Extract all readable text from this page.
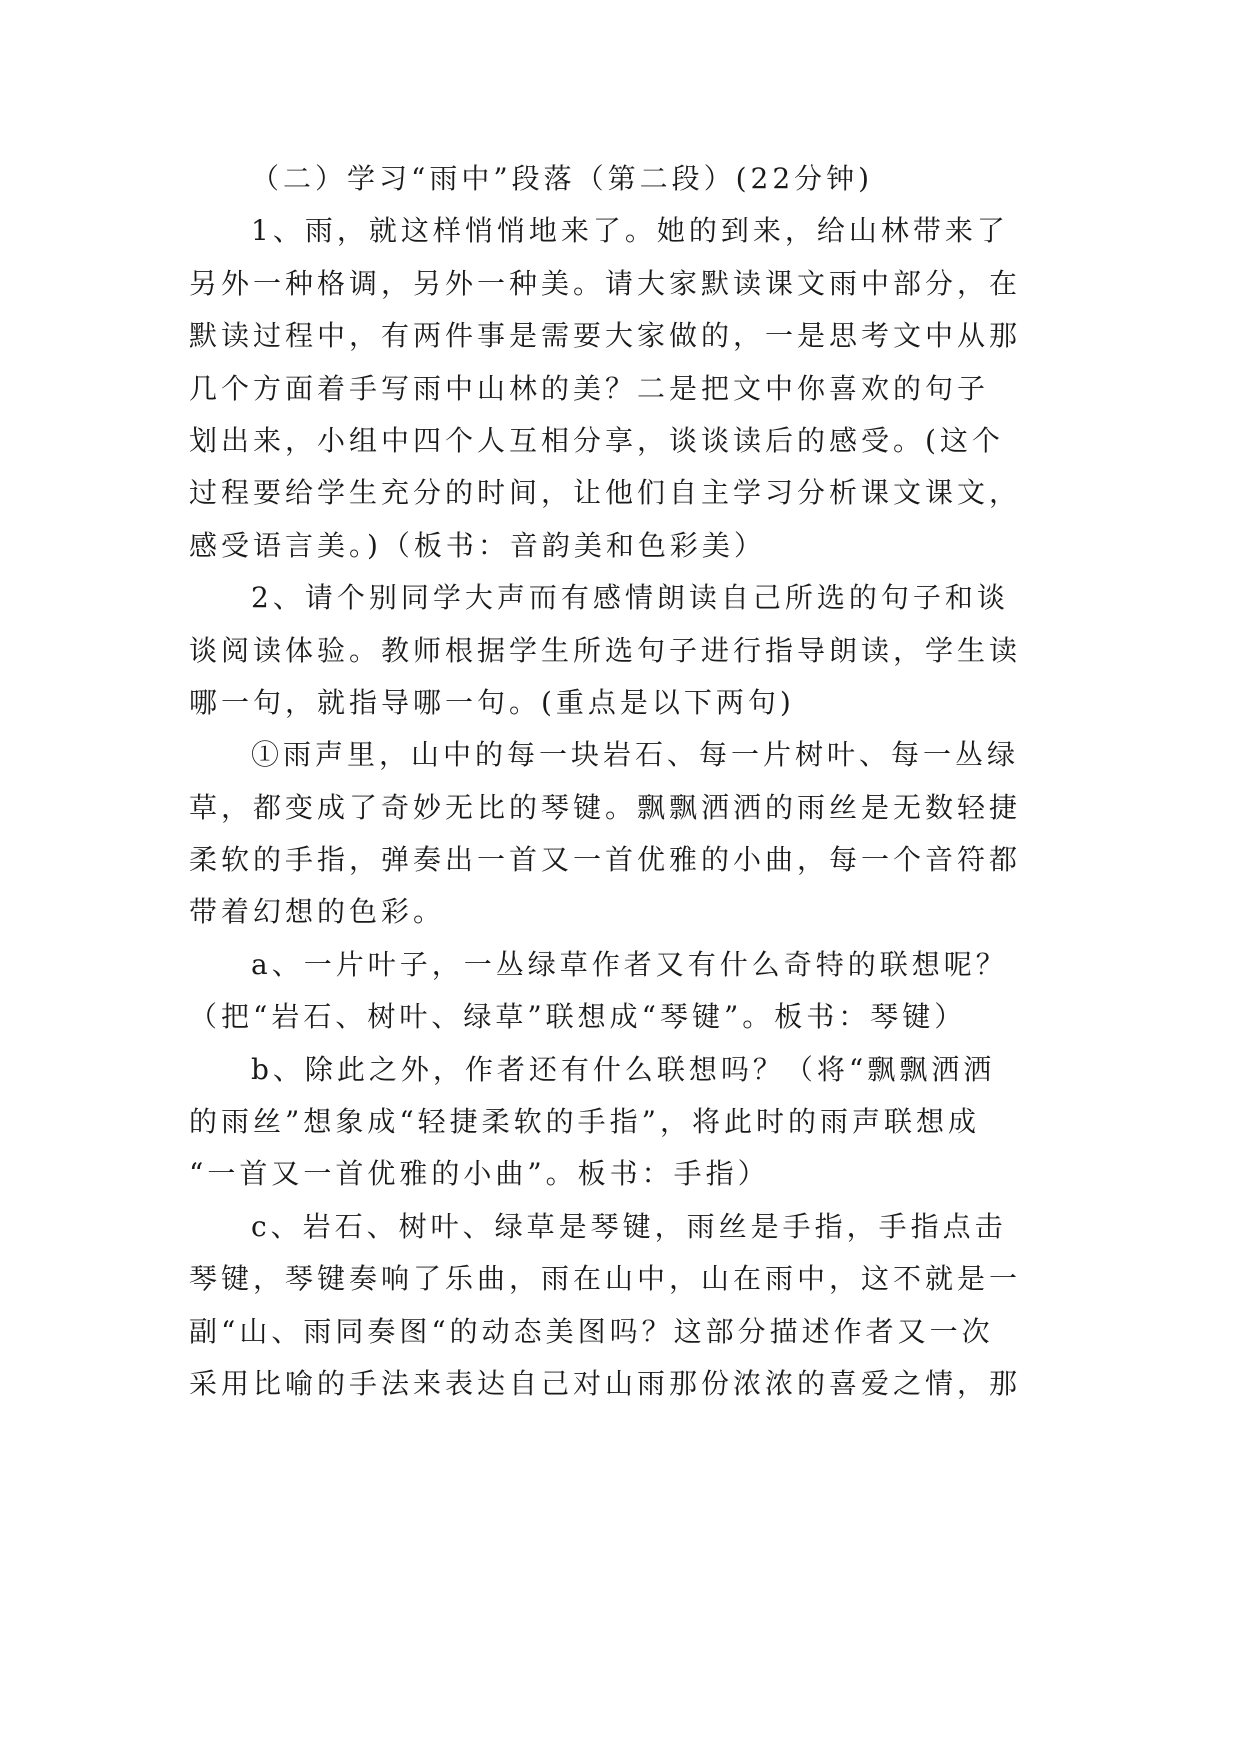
（二）学习“雨中”段落（第二段）(22分钟)
1、雨，就这样悄悄地来了。她的到来，给山林带来了
另外一种格调，另外一种美。请大家默读课文雨中部分，在
默读过程中，有两件事是需要大家做的，一是思考文中从那
几个方面着手写雨中山林的美？二是把文中你喜欢的句子
划出来，小组中四个人互相分享，谈谈读后的感受。(这个
过程要给学生充分的时间，让他们自主学习分析课文课文，
感受语言美。)（板书：音韵美和色彩美）
2、请个别同学大声而有感情朗读自己所选的句子和谈
谈阅读体验。教师根据学生所选句子进行指导朗读，学生读
哪一句，就指导哪一句。(重点是以下两句)
①雨声里，山中的每一块岩石、每一片树叶、每一丛绿
草，都变成了奇妙无比的琴键。飘飘洒洒的雨丝是无数轻捷
柔软的手指，弹奏出一首又一首优雅的小曲，每一个音符都
带着幻想的色彩。
a、一片叶子，一丛绿草作者又有什么奇特的联想呢？
（把“岩石、树叶、绿草”联想成“琴键”。板书：琴键）
b、除此之外，作者还有什么联想吗？（将“飘飘洒洒
的雨丝”想象成“轻捷柔软的手指”，将此时的雨声联想成
“一首又一首优雅的小曲”。板书：手指）
c、岩石、树叶、绿草是琴键，雨丝是手指，手指点击
琴键，琴键奏响了乐曲，雨在山中，山在雨中，这不就是一
副“山、雨同奏图“的动态美图吗？这部分描述作者又一次
采用比喻的手法来表达自己对山雨那份浓浓的喜爱之情，那
